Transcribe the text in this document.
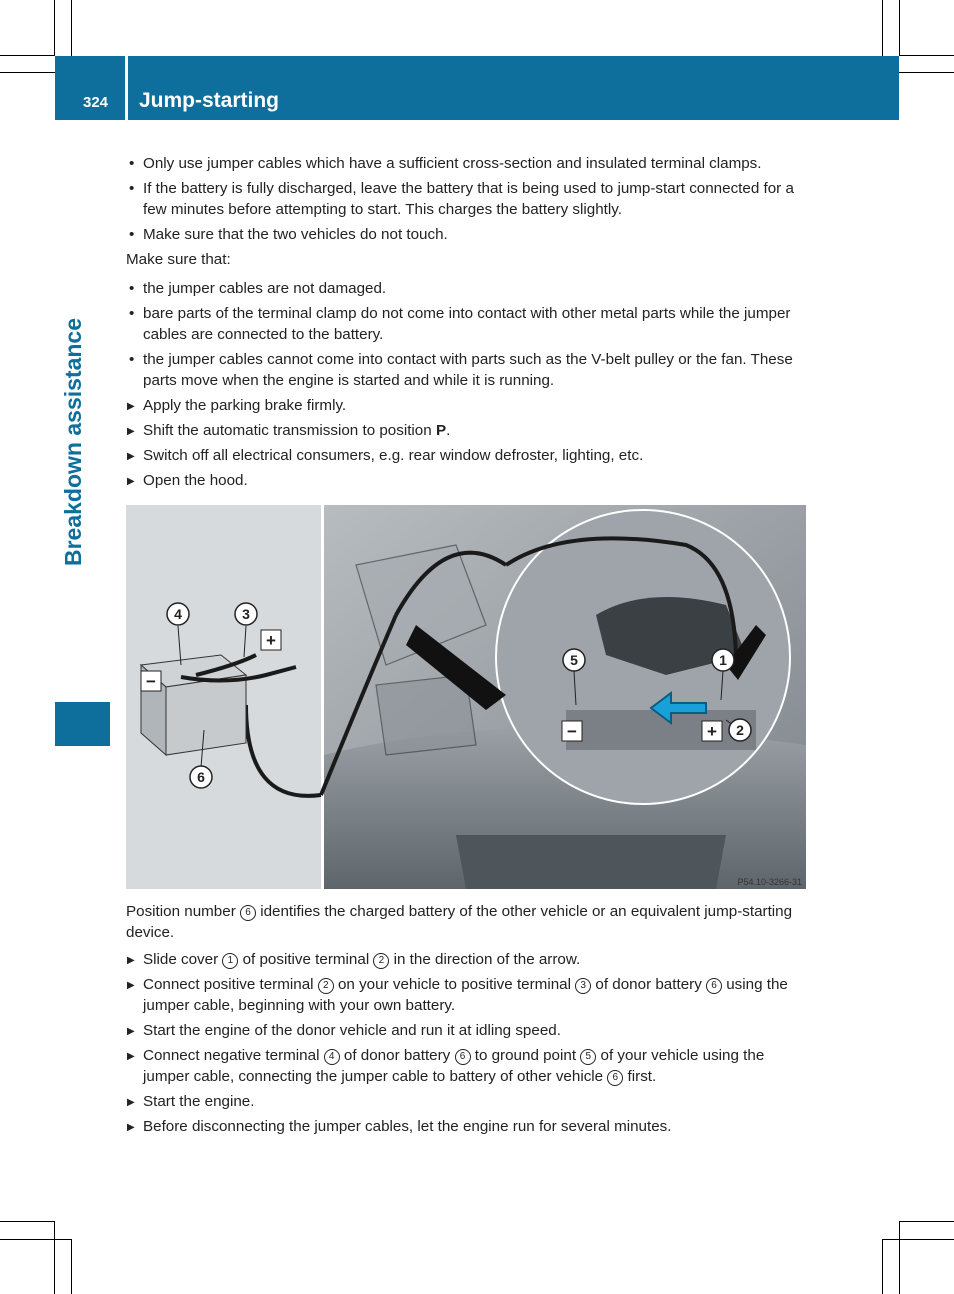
324 Jump-starting
Breakdown assistance
• Only use jumper cables which have a sufficient cross-section and insulated terminal clamps.
• If the battery is fully discharged, leave the battery that is being used to jump-start connected for a few minutes before attempting to start. This charges the battery slightly.
• Make sure that the two vehicles do not touch.
Make sure that:
• the jumper cables are not damaged.
• bare parts of the terminal clamp do not come into contact with other metal parts while the jumper cables are connected to the battery.
• the jumper cables cannot come into contact with parts such as the V-belt pulley or the fan. These parts move when the engine is started and while it is running.
▶ Apply the parking brake firmly.
▶ Shift the automatic transmission to position P.
▶ Switch off all electrical consumers, e.g. rear window defroster, lighting, etc.
▶ Open the hood.
+
−
−	+
4	3
6
5	1
2
P54.10-3266-31
Position number 6 identifies the charged battery of the other vehicle or an equivalent jump-starting device.
▶ Slide cover 1 of positive terminal 2 in the direction of the arrow.
▶ Connect positive terminal 2 on your vehicle to positive terminal 3 of donor battery 6 using the jumper cable, beginning with your own battery.
▶ Start the engine of the donor vehicle and run it at idling speed.
▶ Connect negative terminal 4 of donor battery 6 to ground point 5 of your vehicle using the jumper cable, connecting the jumper cable to battery of other vehicle 6 first.
▶ Start the engine.
▶ Before disconnecting the jumper cables, let the engine run for several minutes.
